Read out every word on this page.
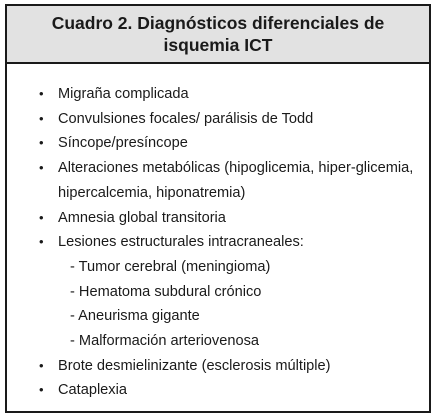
Cuadro 2. Diagnósticos diferenciales de isquemia ICT
• Migraña complicada
• Convulsiones focales/ parálisis de Todd
• Síncope/presíncope
• Alteraciones metabólicas (hipoglicemia, hiper-glicemia, hipercalcemia, hiponatremia)
• Amnesia global transitoria
• Lesiones estructurales intracraneales:
- Tumor cerebral (meningioma)
- Hematoma subdural crónico
- Aneurisma gigante
- Malformación arteriovenosa
• Brote desmielinizante (esclerosis múltiple)
• Cataplexia
